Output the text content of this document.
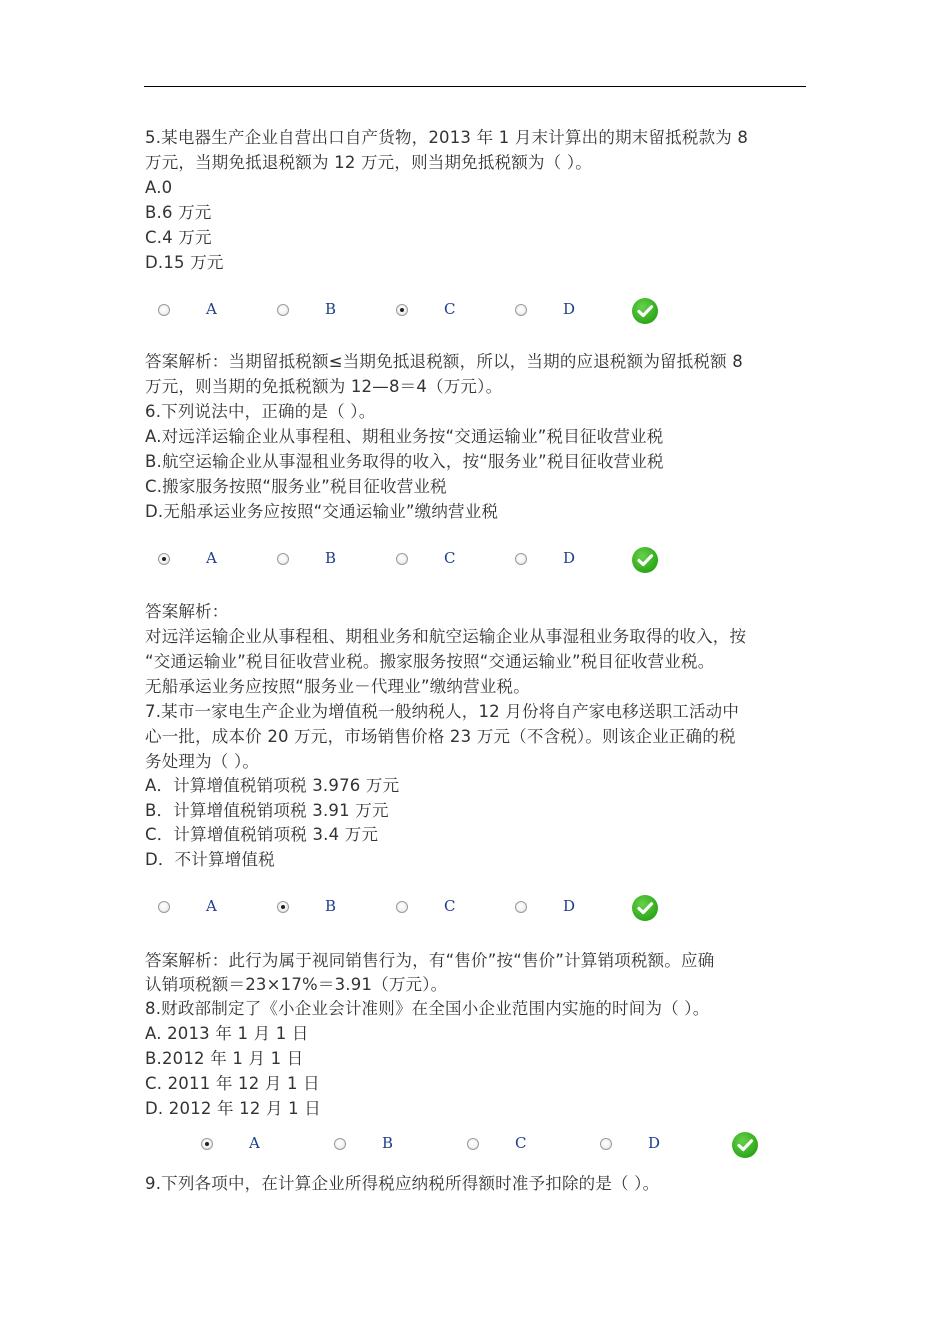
5.某电器生产企业自营出口自产货物，2013 年 1 月末计算出的期末留抵税款为 8
万元，当期免抵退税额为 12 万元，则当期免抵税额为（ ）。
A.0
B.6 万元
C.4 万元
D.15 万元
A	B	C	D
答案解析：当期留抵税额≤当期免抵退税额，所以，当期的应退税额为留抵税额 8
万元，则当期的免抵税额为 12—8＝4（万元）。
6.下列说法中，正确的是（ ）。
A.对远洋运输企业从事程租、期租业务按“交通运输业”税目征收营业税
B.航空运输企业从事湿租业务取得的收入，按“服务业”税目征收营业税
C.搬家服务按照“服务业”税目征收营业税
D.无船承运业务应按照“交通运输业”缴纳营业税
A	B	C	D
答案解析：
对远洋运输企业从事程租、期租业务和航空运输企业从事湿租业务取得的收入，按
“交通运输业”税目征收营业税。搬家服务按照“交通运输业”税目征收营业税。
无船承运业务应按照“服务业－代理业”缴纳营业税。
7.某市一家电生产企业为增值税一般纳税人，12 月份将自产家电移送职工活动中
心一批，成本价 20 万元，市场销售价格 23 万元（不含税）。则该企业正确的税
务处理为（ ）。
A．计算增值税销项税 3.976 万元
B．计算增值税销项税 3.91 万元
C．计算增值税销项税 3.4 万元
D．不计算增值税
A	B	C	D
答案解析：此行为属于视同销售行为，有“售价”按“售价”计算销项税额。应确
认销项税额＝23×17%＝3.91（万元）。
8.财政部制定了《小企业会计准则》在全国小企业范围内实施的时间为（ ）。
A. 2013 年 1 月 1 日
B.2012 年 1 月 1 日
C. 2011 年 12 月 1 日
D. 2012 年 12 月 1 日
A	B	C	D
9.下列各项中，在计算企业所得税应纳税所得额时准予扣除的是（ ）。
